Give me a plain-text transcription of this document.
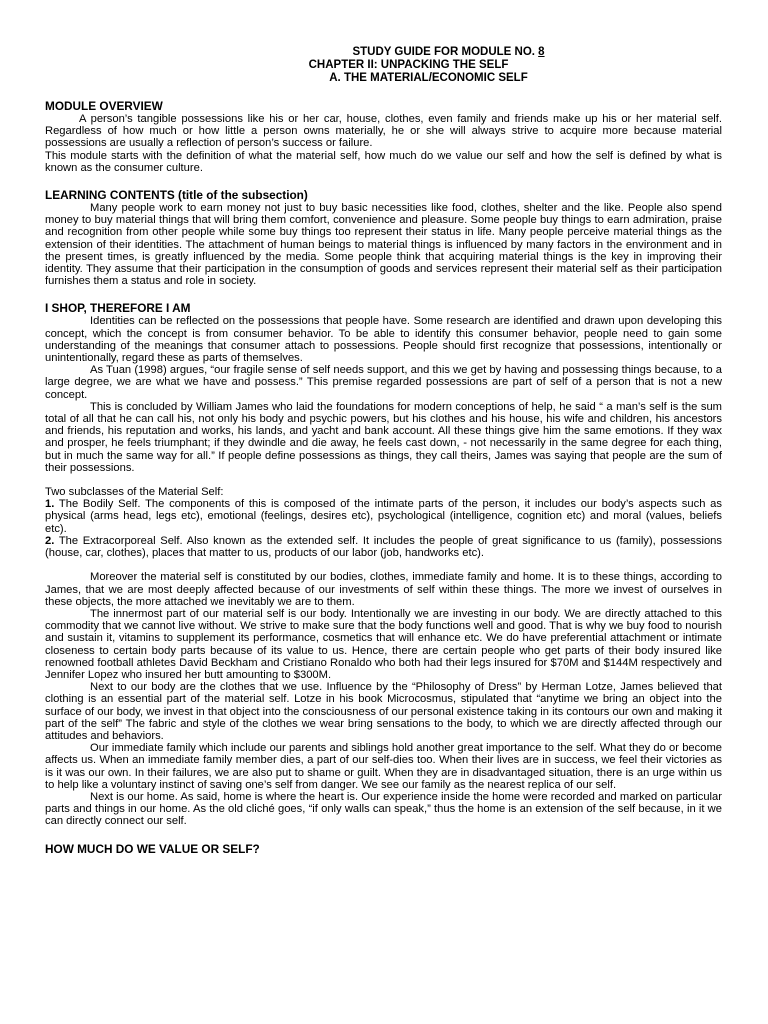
STUDY GUIDE FOR MODULE NO. 8
CHAPTER II: UNPACKING THE SELF
A. THE MATERIAL/ECONOMIC SELF

MODULE OVERVIEW

A person’s tangible possessions like his or her car, house, clothes, even family and friends make up his or her material self. Regardless of how much or how little a person owns materially, he or she will always strive to acquire more because material possessions are usually a reflection of person’s success or failure.

This module starts with the definition of what the material self, how much do we value our self and how the self is defined by what is known as the consumer culture.

LEARNING CONTENTS (title of the subsection)

Many people work to earn money not just to buy basic necessities like food, clothes, shelter and the like. People also spend money to buy material things that will bring them comfort, convenience and pleasure. Some people buy things to earn admiration, praise and recognition from other people while some buy things too represent their status in life. Many people perceive material things as the extension of their identities. The attachment of human beings to material things is influenced by many factors in the environment and in the present times, is greatly influenced by the media. Some people think that acquiring material things is the key in improving their identity. They assume that their participation in the consumption of goods and services represent their material self as their participation furnishes them a status and role in society.

I SHOP, THEREFORE I AM

Identities can be reflected on the possessions that people have. Some research are identified and drawn upon developing this concept, which the concept is from consumer behavior. To be able to identify this consumer behavior, people need to gain some understanding of the meanings that consumer attach to possessions. People should first recognize that possessions, intentionally or unintentionally, regard these as parts of themselves.

As Tuan (1998) argues, “our fragile sense of self needs support, and this we get by having and possessing things because, to a large degree, we are what we have and possess.” This premise regarded possessions are part of self of a person that is not a new concept.

This is concluded by William James who laid the foundations for modern conceptions of help, he said “ a man’s self is the sum total of all that he can call his, not only his body and psychic powers, but his clothes and his house, his wife and children, his ancestors and friends, his reputation and works, his lands, and yacht and bank account. All these things give him the same emotions. If they wax and prosper, he feels triumphant; if they dwindle and die away, he feels cast down, - not necessarily in the same degree for each thing, but in much the same way for all.” If people define possessions as things, they call theirs, James was saying that people are the sum of their possessions.

Two subclasses of the Material Self:

1. The Bodily Self. The components of this is composed of the intimate parts of the person, it includes our body’s aspects such as physical (arms head, legs etc), emotional (feelings, desires etc), psychological (intelligence, cognition etc) and moral (values, beliefs etc).

2. The Extracorporeal Self. Also known as the extended self. It includes the people of great significance to us (family), possessions (house, car, clothes), places that matter to us, products of our labor (job, handworks etc).

Moreover the material self is constituted by our bodies, clothes, immediate family and home. It is to these things, according to James, that we are most deeply affected because of our investments of self within these things. The more we invest of ourselves in these objects, the more attached we inevitably we are to them.

The innermost part of our material self is our body. Intentionally we are investing in our body. We are directly attached to this commodity that we cannot live without. We strive to make sure that the body functions well and good. That is why we buy food to nourish and sustain it, vitamins to supplement its performance, cosmetics that will enhance etc. We do have preferential attachment or intimate closeness to certain body parts because of its value to us. Hence, there are certain people who get parts of their body insured like renowned football athletes David Beckham and Cristiano Ronaldo who both had their legs insured for $70M and $144M respectively and Jennifer Lopez who insured her butt amounting to $300M.

Next to our body are the clothes that we use. Influence by the “Philosophy of Dress” by Herman Lotze, James believed that clothing is an essential part of the material self. Lotze in his book Microcosmus, stipulated that “anytime we bring an object into the surface of our body, we invest in that object into the consciousness of our personal existence taking in its contours our own and making it part of the self” The fabric and style of the clothes we wear bring sensations to the body, to which we are directly affected through our attitudes and behaviors.

Our immediate family which include our parents and siblings hold another great importance to the self. What they do or become affects us. When an immediate family member dies, a part of our self-dies too. When their lives are in success, we feel their victories as is it was our own. In their failures, we are also put to shame or guilt. When they are in disadvantaged situation, there is an urge within us to help like a voluntary instinct of saving one’s self from danger. We see our family as the nearest replica of our self.

Next is our home. As said, home is where the heart is. Our experience inside the home were recorded and marked on particular parts and things in our home. As the old cliché goes, “if only walls can speak,” thus the home is an extension of the self because, in it we can directly connect our self.

HOW MUCH DO WE VALUE OR SELF?
